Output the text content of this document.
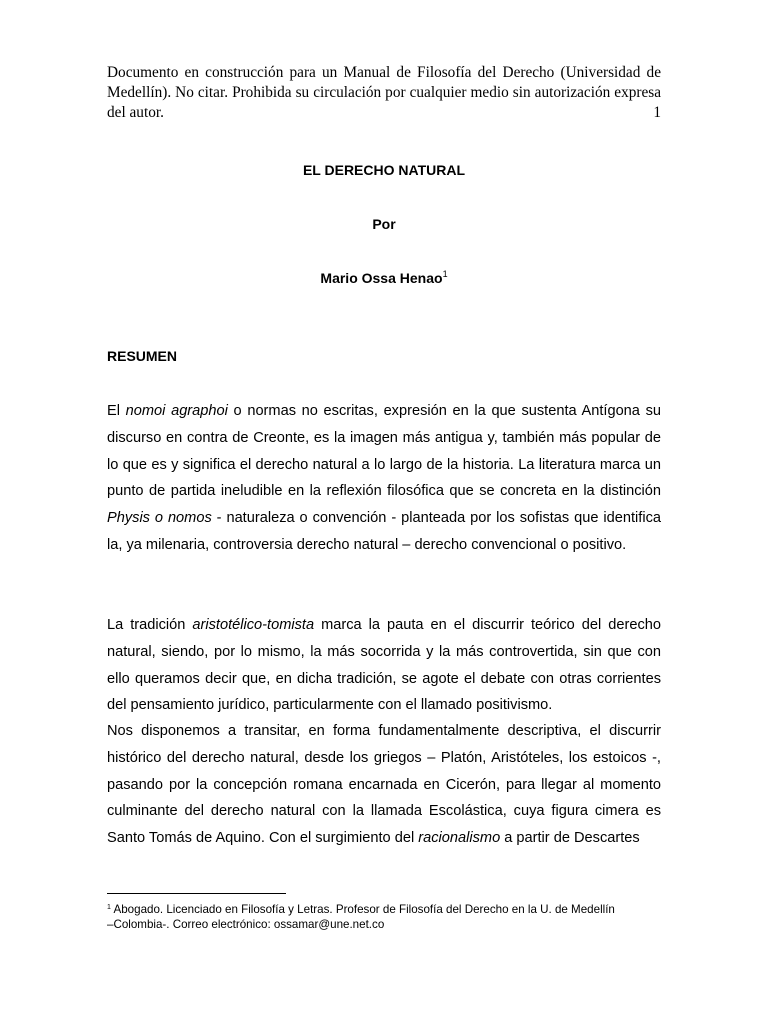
Documento en construcción para un Manual de Filosofía del Derecho (Universidad de
Medellín). No citar. Prohibida su circulación por cualquier medio sin autorización expresa
del autor.	1
EL DERECHO NATURAL
Por
Mario Ossa Henao$^1$
RESUMEN
El nomoi agraphoi o normas no escritas, expresión en la que sustenta Antígona su discurso en contra de Creonte, es la imagen más antigua y, también más popular de lo que es y significa el derecho natural a lo largo de la historia. La literatura marca un punto de partida ineludible en la reflexión filosófica que se concreta en la distinción Physis o nomos - naturaleza o convención - planteada por los sofistas que identifica la, ya milenaria, controversia derecho natural – derecho convencional o positivo.
La tradición aristotélico-tomista marca la pauta en el discurrir teórico del derecho natural, siendo, por lo mismo, la más socorrida y la más controvertida, sin que con ello queramos decir que, en dicha tradición, se agote el debate con otras corrientes del pensamiento jurídico, particularmente con el llamado positivismo.
Nos disponemos a transitar, en forma fundamentalmente descriptiva, el discurrir histórico del derecho natural, desde los griegos – Platón, Aristóteles, los estoicos -, pasando por la concepción romana encarnada en Cicerón, para llegar al momento culminante del derecho natural con la llamada Escolástica, cuya figura cimera es Santo Tomás de Aquino. Con el surgimiento del racionalismo a partir de Descartes
$^1$ Abogado. Licenciado en Filosofía y Letras. Profesor de Filosofía del Derecho en la U. de Medellín
–Colombia-. Correo electrónico: ossamar@une.net.co
